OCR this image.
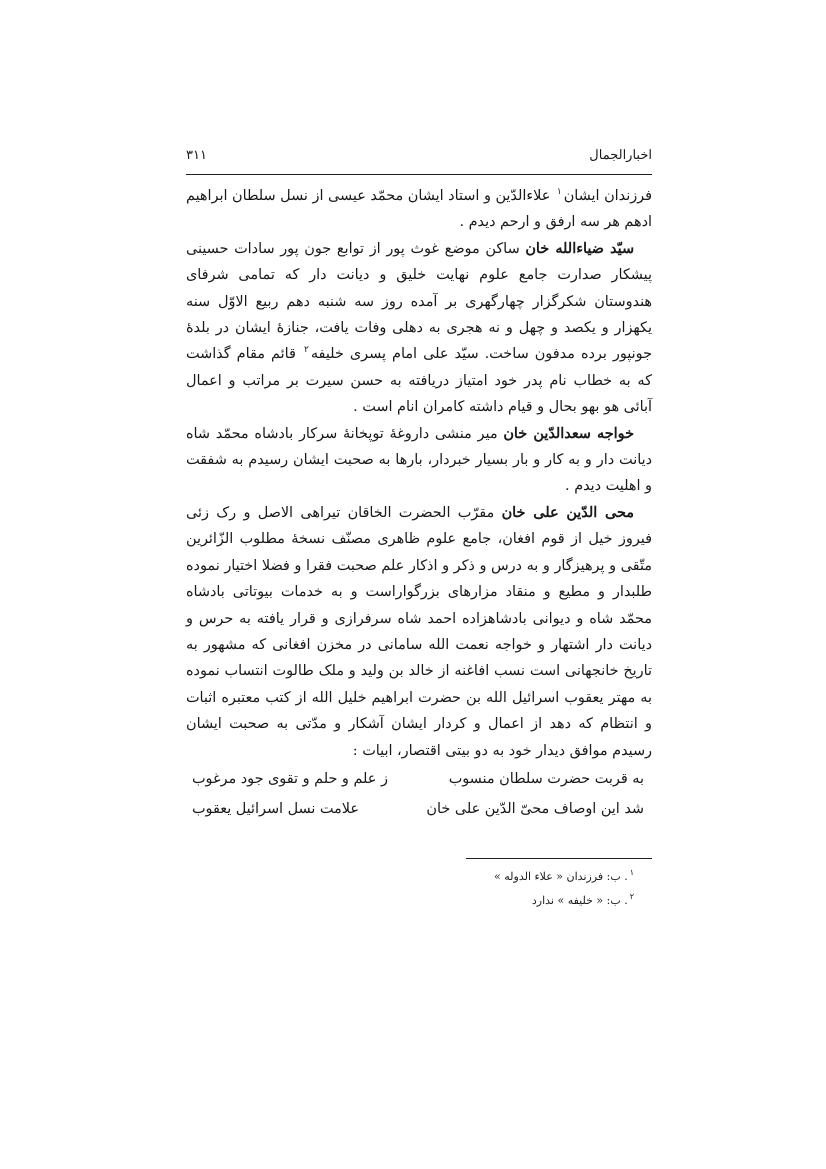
اخبارالجمال
۳۱۱

فرزندان ایشان$^۱$ علاءالدّین و استاد ایشان محمّد عیسی از نسل سلطان ابراهیم ادهم هر سه ارفق و ارحم دیدم .

سیّد ضیاءالله خان ساکن موضع غوث پور از توابع جون پور سادات حسینی پیشکار صدارت جامع علوم نهایت خلیق و دیانت دار که تمامی شرفای هندوستان شکرگزار چهارگهری بر آمده روز سه شنبه دهم ربیع الاوّل سنه یکهزار و یکصد و چهل و نه هجری به دهلی وفات یافت، جنازهٔ ایشان در بلدهٔ جونپور برده مدفون ساخت. سیّد علی امام پسری خلیفه$^۲$ قائم مقام گذاشت که به خطاب نام پدر خود امتیاز دریافته به حسن سیرت بر مراتب و اعمال آبائی هو بهو بحال و قیام داشته کامران انام است .

خواجه سعدالدّین خان میر منشی داروغهٔ توپخانهٔ سرکار بادشاه محمّد شاه دیانت دار و به کار و بار بسیار خبردار، بارها به صحبت ایشان رسیدم به شفقت و اهلیت دیدم .

محی الدّین علی خان مقرّب الحضرت الخاقان تیراهی الاصل و رک زئی فیروز خیل از قوم افغان، جامع علوم ظاهری مصنّف نسخهٔ مطلوب الزّائرین متّقی و پرهیزگار و به درس و ذکر و اذکار علم صحبت فقرا و فضلا اختیار نموده طلبدار و مطیع و منقاد مزارهای بزرگواراست و به خدمات بیوتاتی بادشاه محمّد شاه و دیوانی بادشاهزاده احمد شاه سرفرازی و قرار یافته به حرس و دیانت دار اشتهار و خواجه نعمت الله سامانی در مخزن افغانی که مشهور به تاریخ خانجهانی است نسب افاغنه از خالد بن ولید و ملک طالوت انتساب نموده به مهتر یعقوب اسرائیل الله بن حضرت ابراهیم خلیل الله از کتب معتبره اثبات و انتظام که دهد از اعمال و کردار ایشان آشکار و مدّتی به صحبت ایشان رسیدم موافق دیدار خود به دو بیتی اقتصار، ابیات :

به قربت حضرت سلطان منسوب
ز علم و حلم و تقوی جود مرغوب
شد این اوصاف محیّ الدّین علی خان
علامت نسل اسرائیل یعقوب
$^۱$. ب: فرزندان « علاء الدوله »
$^۲$. ب: « خلیفه » ندارد
